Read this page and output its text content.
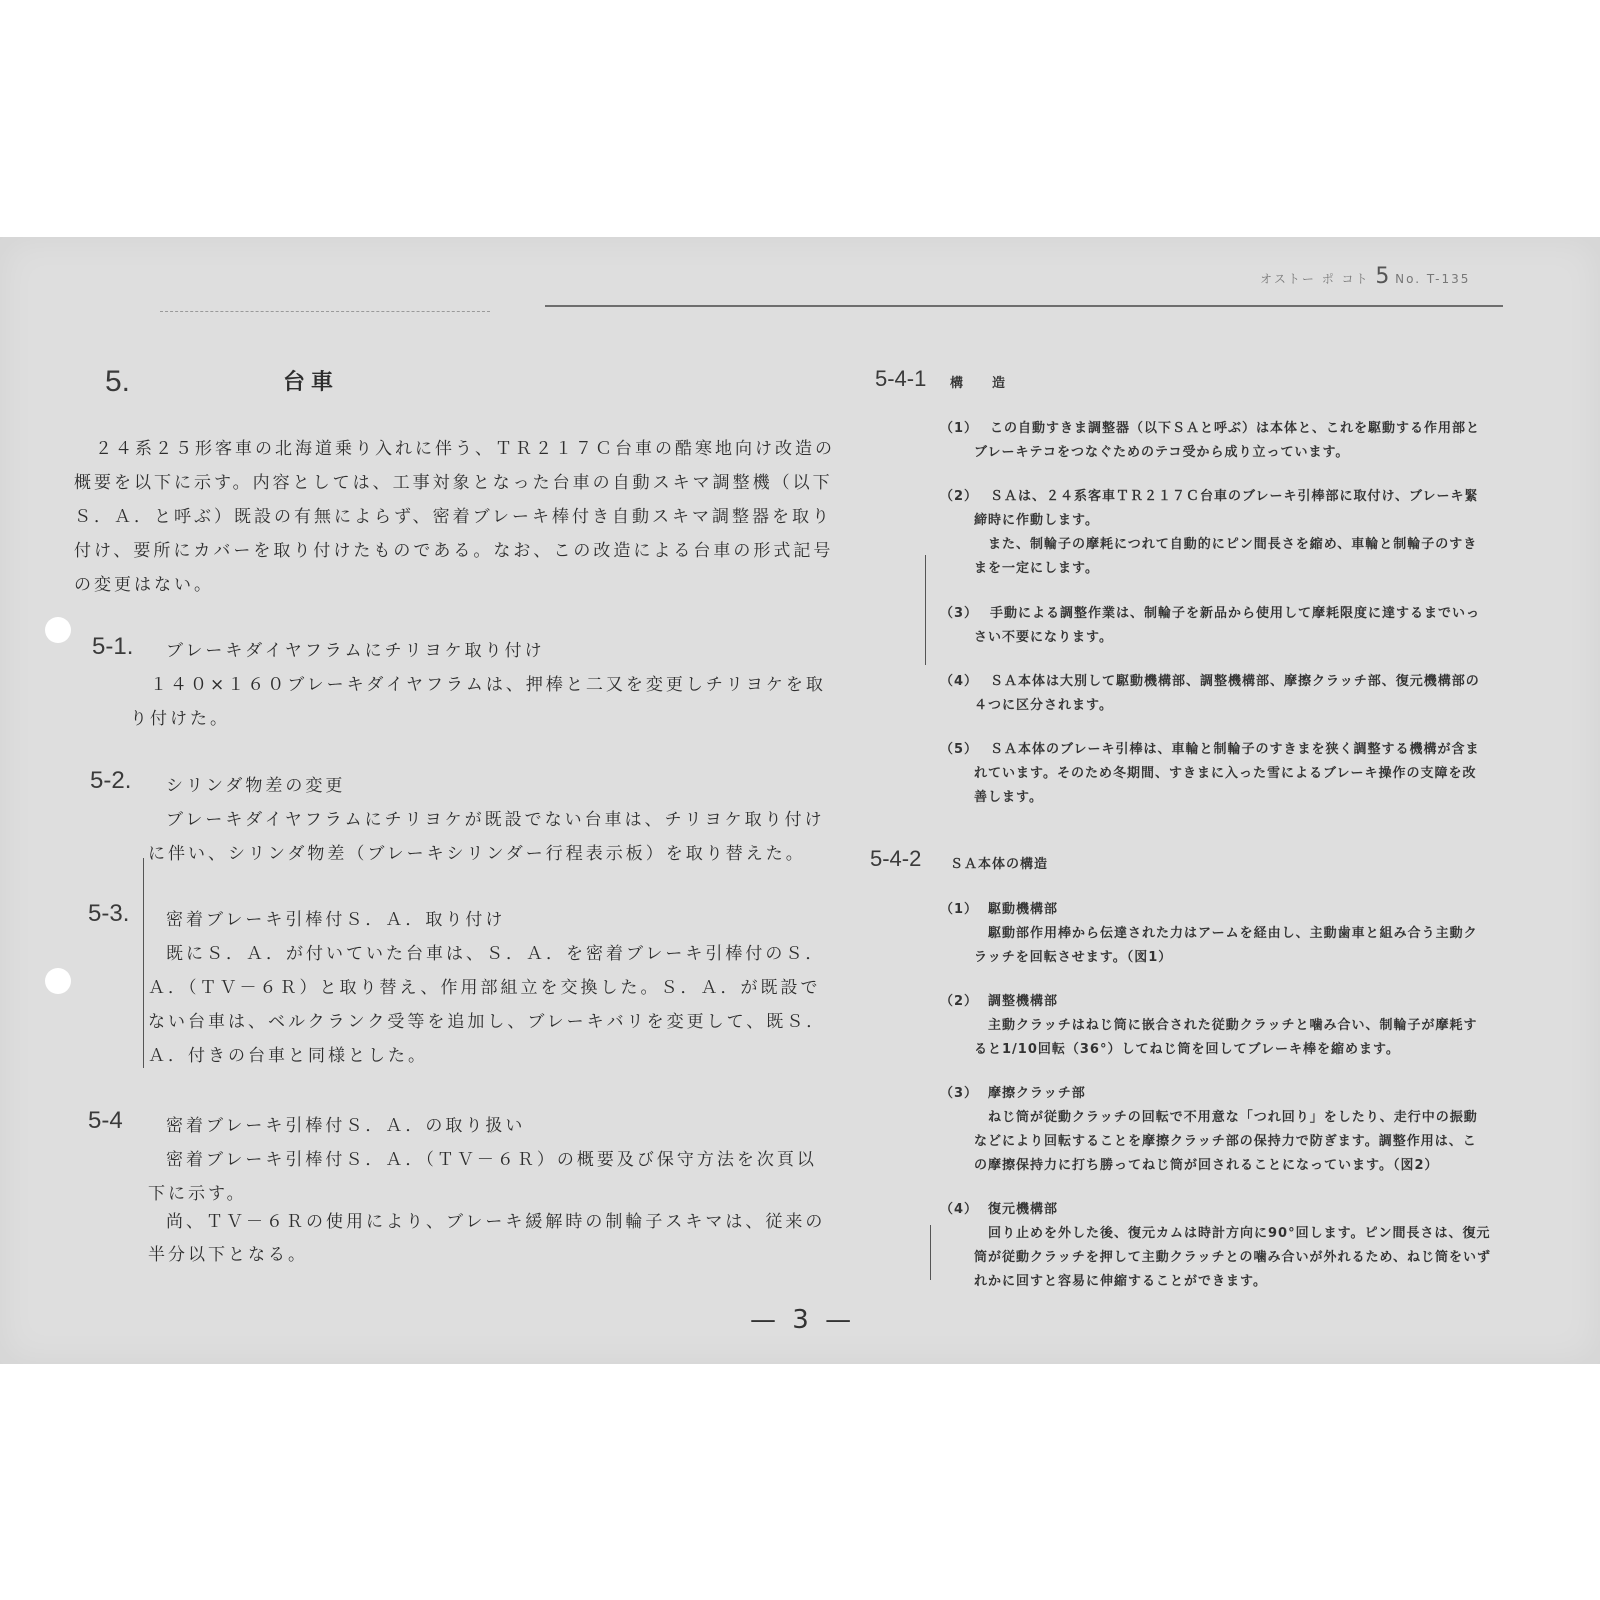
オストー ポ コト 5 No. T-135
5.	台車
２４系２５形客車の北海道乗り入れに伴う、ＴＲ２１７Ｃ台車の酷寒地向け改造の
概要を以下に示す。内容としては、工事対象となった台車の自動スキマ調整機（以下
Ｓ．Ａ．と呼ぶ）既設の有無によらず、密着ブレーキ棒付き自動スキマ調整器を取り
付け、要所にカバーを取り付けたものである。なお、この改造による台車の形式記号
の変更はない。
5-1. ブレーキダイヤフラムにチリヨケ取り付け
１４０×１６０ブレーキダイヤフラムは、押棒と二又を変更しチリヨケを取
り付けた。
5-2. シリンダ物差の変更
ブレーキダイヤフラムにチリヨケが既設でない台車は、チリヨケ取り付け
に伴い、シリンダ物差（ブレーキシリンダー行程表示板）を取り替えた。
5-3. 密着ブレーキ引棒付Ｓ．Ａ．取り付け
既にＳ．Ａ．が付いていた台車は、Ｓ．Ａ．を密着ブレーキ引棒付のＳ．
Ａ．（ＴＶ－６Ｒ）と取り替え、作用部組立を交換した。Ｓ．Ａ．が既設で
ない台車は、ベルクランク受等を追加し、ブレーキバリを変更して、既Ｓ．
Ａ．付きの台車と同様とした。
5-4	密着ブレーキ引棒付Ｓ．Ａ．の取り扱い
密着ブレーキ引棒付Ｓ．Ａ．（ＴＶ－６Ｒ）の概要及び保守方法を次頁以
下に示す。
尚、ＴＶ－６Ｒの使用により、ブレーキ緩解時の制輪子スキマは、従来の
半分以下となる。
5-4-1 構　　造
（1） この自動すきま調整器（以下ＳＡと呼ぶ）は本体と、これを駆動する作用部と
ブレーキテコをつなぐためのテコ受から成り立っています。
（2） ＳＡは、２４系客車ＴＲ２１７Ｃ台車のブレーキ引棒部に取付け、ブレーキ緊
締時に作動します。
　また、制輪子の摩耗につれて自動的にピン間長さを縮め、車輪と制輪子のすき
まを一定にします。
（3） 手動による調整作業は、制輪子を新品から使用して摩耗限度に達するまでいっ
さい不要になります。
（4） ＳＡ本体は大別して駆動機構部、調整機構部、摩擦クラッチ部、復元機構部の
４つに区分されます。
（5） ＳＡ本体のブレーキ引棒は、車輪と制輪子のすきまを狭く調整する機構が含ま
れています。そのため冬期間、すきまに入った雪によるブレーキ操作の支障を改
善します。
5-4-2 ＳＡ本体の構造
（1） 駆動機構部
駆動部作用棒から伝達された力はアームを経由し、主動歯車と組み合う主動ク
ラッチを回転させます。（図1）
（2） 調整機構部
主動クラッチはねじ筒に嵌合された従動クラッチと噛み合い、制輪子が摩耗す
ると1/10回転（36°）してねじ筒を回してブレーキ棒を縮めます。
（3） 摩擦クラッチ部
ねじ筒が従動クラッチの回転で不用意な「つれ回り」をしたり、走行中の振動
などにより回転することを摩擦クラッチ部の保持力で防ぎます。調整作用は、こ
の摩擦保持力に打ち勝ってねじ筒が回されることになっています。（図2）
（4） 復元機構部
回り止めを外した後、復元カムは時計方向に90°回します。ピン間長さは、復元
筒が従動クラッチを押して主動クラッチとの噛み合いが外れるため、ねじ筒をいず
れかに回すと容易に伸縮することができます。
— 3 —
